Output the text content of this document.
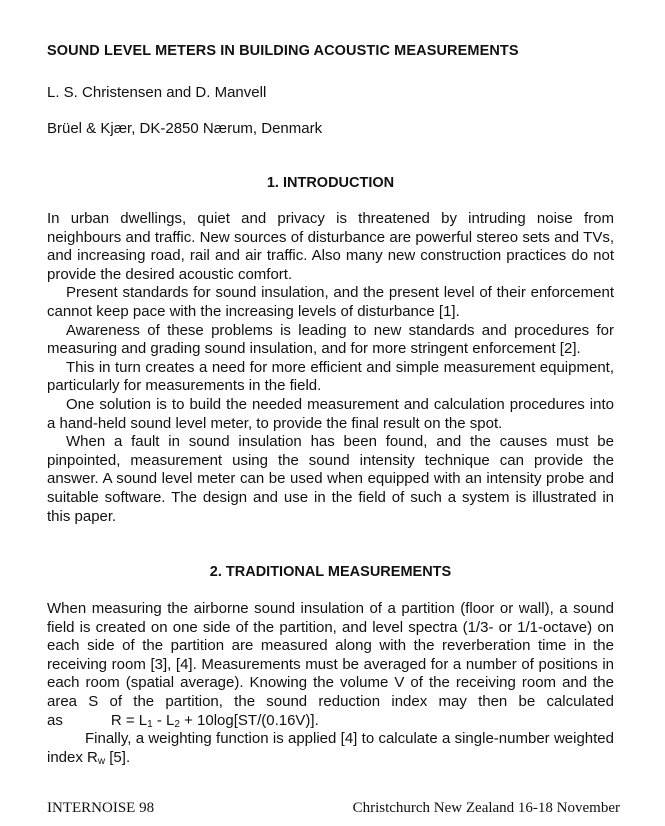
SOUND LEVEL METERS IN BUILDING ACOUSTIC MEASUREMENTS
L. S. Christensen and D. Manvell
Brüel & Kjær, DK-2850 Nærum, Denmark
1. INTRODUCTION

In urban dwellings, quiet and privacy is threatened by intruding noise from neighbours and traffic. New sources of disturbance are powerful stereo sets and TVs, and increasing road, rail and air traffic. Also many new construction practices do not provide the desired acoustic comfort.

Present standards for sound insulation, and the present level of their enforcement cannot keep pace with the increasing levels of disturbance [1].

Awareness of these problems is leading to new standards and procedures for measuring and grading sound insulation, and for more stringent enforcement [2].

This in turn creates a need for more efficient and simple measurement equipment, particularly for measurements in the field.

One solution is to build the needed measurement and calculation procedures into a hand-held sound level meter, to provide the final result on the spot.

When a fault in sound insulation has been found, and the causes must be pinpointed, measurement using the sound intensity technique can provide the answer. A sound level meter can be used when equipped with an intensity probe and suitable software. The design and use in the field of such a system is illustrated in this paper.

2. TRADITIONAL MEASUREMENTS

When measuring the airborne sound insulation of a partition (floor or wall), a sound field is created on one side of the partition, and level spectra (1/3- or 1/1-octave) on each side of the partition are measured along with the reverberation time in the receiving room [3], [4]. Measurements must be averaged for a number of positions in each room (spatial average). Knowing the volume V of the receiving room and the area S of the partition, the sound reduction index may then be calculated as	$R = L_1 - L_2 + 10\log[ST/(0.16V)]$.

Finally, a weighting function is applied [4] to calculate a single-number weighted index $R_w$ [5].

INTERNOISE 98	Christchurch New Zealand 16-18 November
